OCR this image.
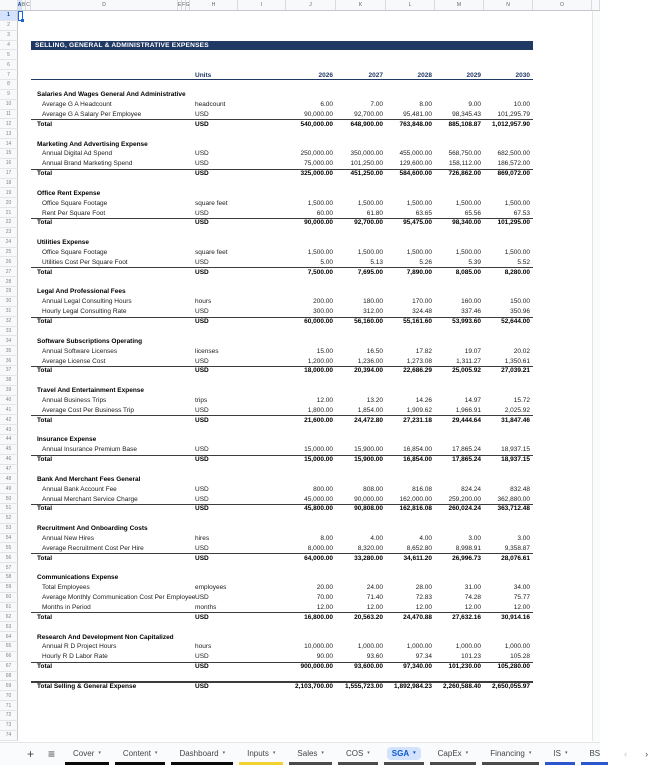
A B C	D	E F G	H	I	J	K	L	M	N	O
1
2
3
4	SELLING, GENERAL & ADMINISTRATIVE EXPENSES
5
6
7	Units	2026	2027	2028	2029	2030
8
9	Salaries And Wages General And Administrative
10	Average G A Headcount	headcount	6.00	7.00	8.00	9.00	10.00
11	Average G A Salary Per Employee	USD	90,000.00	92,700.00	95,481.00	98,345.43	101,295.79
12	Total	USD	540,000.00	648,900.00	763,848.00	885,108.87	1,012,957.90
13
14	Marketing And Advertising Expense
15	Annual Digital Ad Spend	USD	250,000.00	350,000.00	455,000.00	568,750.00	682,500.00
16	Annual Brand Marketing Spend	USD	75,000.00	101,250.00	129,600.00	158,112.00	186,572.00
17	Total	USD	325,000.00	451,250.00	584,600.00	726,862.00	869,072.00
18
19	Office Rent Expense
20	Office Square Footage	square feet	1,500.00	1,500.00	1,500.00	1,500.00	1,500.00
21	Rent Per Square Foot	USD	60.00	61.80	63.65	65.56	67.53
22	Total	USD	90,000.00	92,700.00	95,475.00	98,340.00	101,295.00
23
24	Utilities Expense
25	Office Square Footage	square feet	1,500.00	1,500.00	1,500.00	1,500.00	1,500.00
26	Utilities Cost Per Square Foot	USD	5.00	5.13	5.26	5.39	5.52
27	Total	USD	7,500.00	7,695.00	7,890.00	8,085.00	8,280.00
28
29	Legal And Professional Fees
30	Annual Legal Consulting Hours	hours	200.00	180.00	170.00	160.00	150.00
31	Hourly Legal Consulting Rate	USD	300.00	312.00	324.48	337.46	350.96
32	Total	USD	60,000.00	56,160.00	55,161.60	53,993.60	52,644.00
33
34	Software Subscriptions Operating
35	Annual Software Licenses	licenses	15.00	16.50	17.82	19.07	20.02
36	Average License Cost	USD	1,200.00	1,236.00	1,273.08	1,311.27	1,350.61
37	Total	USD	18,000.00	20,394.00	22,686.29	25,005.92	27,039.21
38
39	Travel And Entertainment Expense
40	Annual Business Trips	trips	12.00	13.20	14.26	14.97	15.72
41	Average Cost Per Business Trip	USD	1,800.00	1,854.00	1,909.62	1,966.91	2,025.92
42	Total	USD	21,600.00	24,472.80	27,231.18	29,444.64	31,847.46
43
44	Insurance Expense
45	Annual Insurance Premium Base	USD	15,000.00	15,900.00	16,854.00	17,865.24	18,937.15
46	Total	USD	15,000.00	15,900.00	16,854.00	17,865.24	18,937.15
47
48	Bank And Merchant Fees General
49	Annual Bank Account Fee	USD	800.00	808.00	816.08	824.24	832.48
50	Annual Merchant Service Charge	USD	45,000.00	90,000.00	162,000.00	259,200.00	362,880.00
51	Total	USD	45,800.00	90,808.00	162,816.08	260,024.24	363,712.48
52
53	Recruitment And Onboarding Costs
54	Annual New Hires	hires	8.00	4.00	4.00	3.00	3.00
55	Average Recruitment Cost Per Hire	USD	8,000.00	8,320.00	8,652.80	8,998.91	9,358.87
56	Total	USD	64,000.00	33,280.00	34,611.20	26,996.73	28,076.61
57
58	Communications Expense
59	Total Employees	employees	20.00	24.00	28.00	31.00	34.00
60	Average Monthly Communication Cost Per Employee USD	70.00	71.40	72.83	74.28	75.77
61	Months in Period	months	12.00	12.00	12.00	12.00	12.00
62	Total	USD	16,800.00	20,563.20	24,470.88	27,632.16	30,914.16
63
64	Research And Development Non Capitalized
65	Annual R D Project Hours	hours	10,000.00	1,000.00	1,000.00	1,000.00	1,000.00
66	Hourly R D Labor Rate	USD	90.00	93.60	97.34	101.23	105.28
67	Total	USD	900,000.00	93,600.00	97,340.00	101,230.00	105,280.00
68
69	Total Selling & General Expense	USD	2,103,700.00	1,555,723.00	1,892,984.23	2,260,588.40	2,650,055.97
70
71
72
73
74
+	≡	Cover ▾	Content ▾	Dashboard ▾	Inputs ▾	Sales ▾	COS ▾	SGA ▾	CapEx ▾	Financing ▾	IS ▾	BS	‹	›
